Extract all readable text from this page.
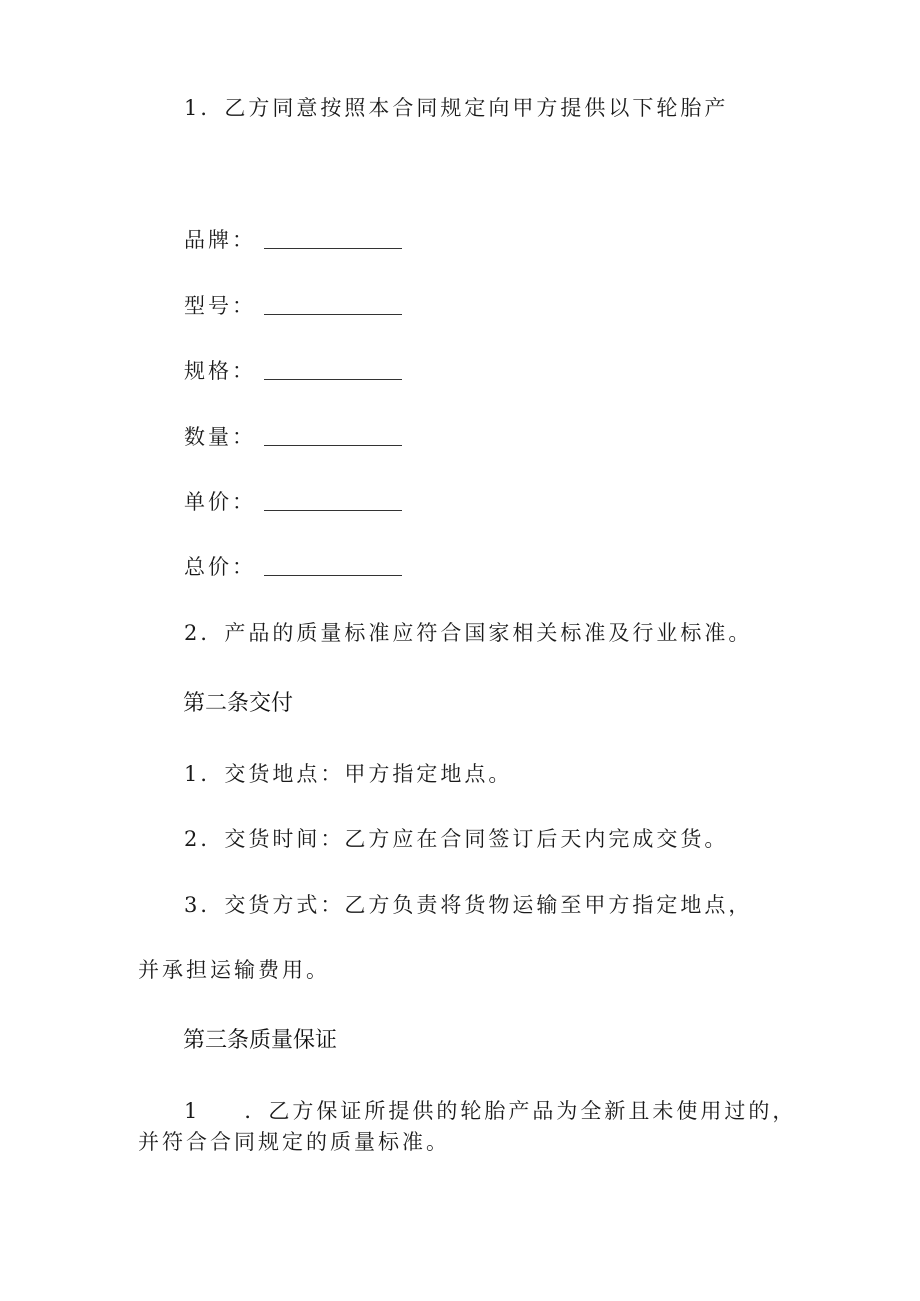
1．乙方同意按照本合同规定向甲方提供以下轮胎产
品牌：
型号：
规格：
数量：
单价：
总价：
2．产品的质量标准应符合国家相关标准及行业标准。
第二条交付
1．交货地点：甲方指定地点。
2．交货时间：乙方应在合同签订后天内完成交货。
3．交货方式：乙方负责将货物运输至甲方指定地点，
并承担运输费用。
第三条质量保证
1 ．乙方保证所提供的轮胎产品为全新且未使用过的，
并符合合同规定的质量标准。
